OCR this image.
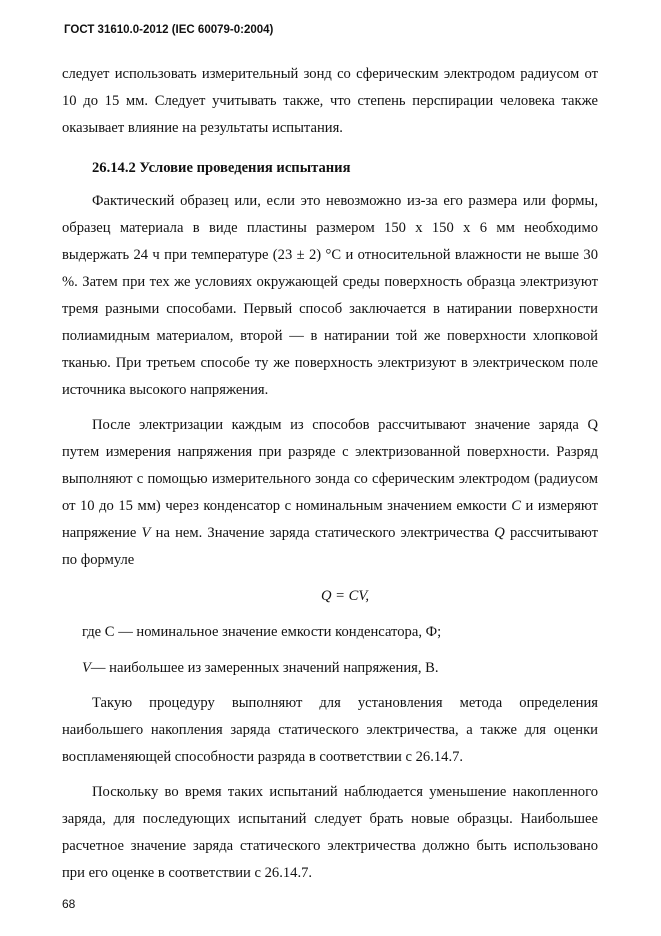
ГОСТ 31610.0-2012 (IEC 60079-0:2004)

следует использовать измерительный зонд со сферическим электродом радиусом от 10 до 15 мм. Следует учитывать также, что степень перспирации человека также оказывает влияние на результаты испытания.

26.14.2 Условие проведения испытания

Фактический образец или, если это невозможно из-за его размера или формы, образец материала в виде пластины размером 150 х 150 х 6 мм необходимо выдержать 24 ч при температуре (23 ± 2) °С и относительной влажности не выше 30 %. Затем при тех же условиях окружающей среды поверхность образца электризуют тремя разными способами. Первый способ заключается в натирании поверхности полиамидным материалом, второй — в натирании той же поверхности хлопковой тканью. При третьем способе ту же поверхность электризуют в электрическом поле источника высокого напряжения.

После электризации каждым из способов рассчитывают значение заряда Q путем измерения напряжения при разряде с электризованной поверхности. Разряд выполняют с помощью измерительного зонда со сферическим электродом (радиусом от 10 до 15 мм) через конденсатор с номинальным значением емкости C и измеряют напряжение V на нем. Значение заряда статического электричества Q рассчитывают по формуле

Q = CV,

где С — номинальное значение емкости конденсатора, Ф;

V— наибольшее из замеренных значений напряжения, В.

Такую процедуру выполняют для установления метода определения наибольшего накопления заряда статического электричества, а также для оценки воспламеняющей способности разряда в соответствии с 26.14.7.

Поскольку во время таких испытаний наблюдается уменьшение накопленного заряда, для последующих испытаний следует брать новые образцы. Наибольшее расчетное значение заряда статического электричества должно быть использовано при его оценке в соответствии с 26.14.7.

68
